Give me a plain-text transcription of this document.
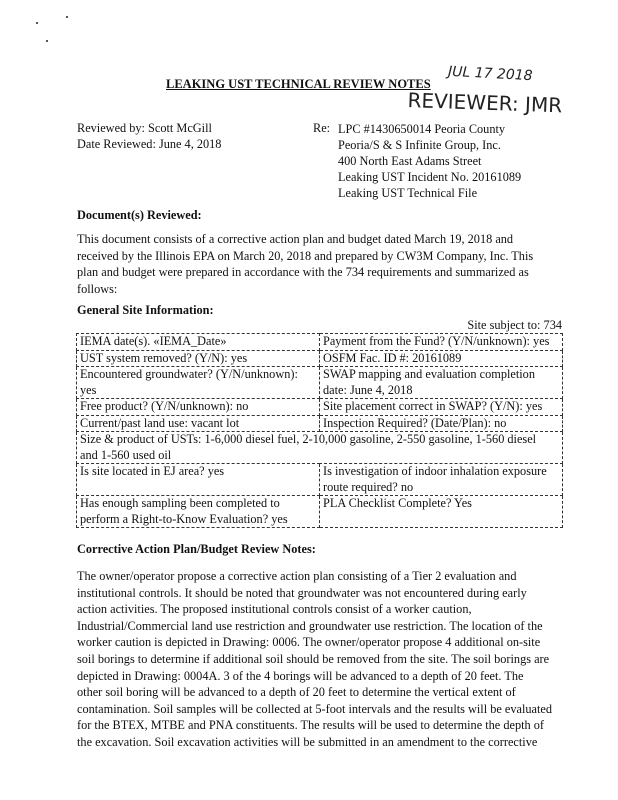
LEAKING UST TECHNICAL REVIEW NOTES JUL 17 2018
REVIEWER: JMR
Reviewed by: Scott McGill
Date Reviewed: June 4, 2018
Re: LPC #1430650014 Peoria County
Peoria/S & S Infinite Group, Inc.
400 North East Adams Street
Leaking UST Incident No. 20161089
Leaking UST Technical File
Document(s) Reviewed:
This document consists of a corrective action plan and budget dated March 19, 2018 and
received by the Illinois EPA on March 20, 2018 and prepared by CW3M Company, Inc. This
plan and budget were prepared in accordance with the 734 requirements and summarized as
follows:
General Site Information:
Site subject to: 734
IEMA date(s). «IEMA_Date»	Payment from the Fund? (Y/N/unknown): yes
UST system removed? (Y/N): yes	OSFM Fac. ID #: 20161089
Encountered groundwater? (Y/N/unknown):
yes	SWAP mapping and evaluation completion
date: June 4, 2018
Free product? (Y/N/unknown): no	Site placement correct in SWAP? (Y/N): yes
Current/past land use: vacant lot	Inspection Required? (Date/Plan): no
Size & product of USTs: 1-6,000 diesel fuel, 2-10,000 gasoline, 2-550 gasoline, 1-560 diesel
and 1-560 used oil	
Is site located in EJ area? yes	Is investigation of indoor inhalation exposure
route required? no
Has enough sampling been completed to
perform a Right-to-Know Evaluation? yes	PLA Checklist Complete? Yes
Corrective Action Plan/Budget Review Notes:
The owner/operator propose a corrective action plan consisting of a Tier 2 evaluation and
institutional controls. It should be noted that groundwater was not encountered during early
action activities. The proposed institutional controls consist of a worker caution,
Industrial/Commercial land use restriction and groundwater use restriction. The location of the
worker caution is depicted in Drawing: 0006. The owner/operator propose 4 additional on-site
soil borings to determine if additional soil should be removed from the site. The soil borings are
depicted in Drawing: 0004A. 3 of the 4 borings will be advanced to a depth of 20 feet. The
other soil boring will be advanced to a depth of 20 feet to determine the vertical extent of
contamination. Soil samples will be collected at 5-foot intervals and the results will be evaluated
for the BTEX, MTBE and PNA constituents. The results will be used to determine the depth of
the excavation. Soil excavation activities will be submitted in an amendment to the corrective
